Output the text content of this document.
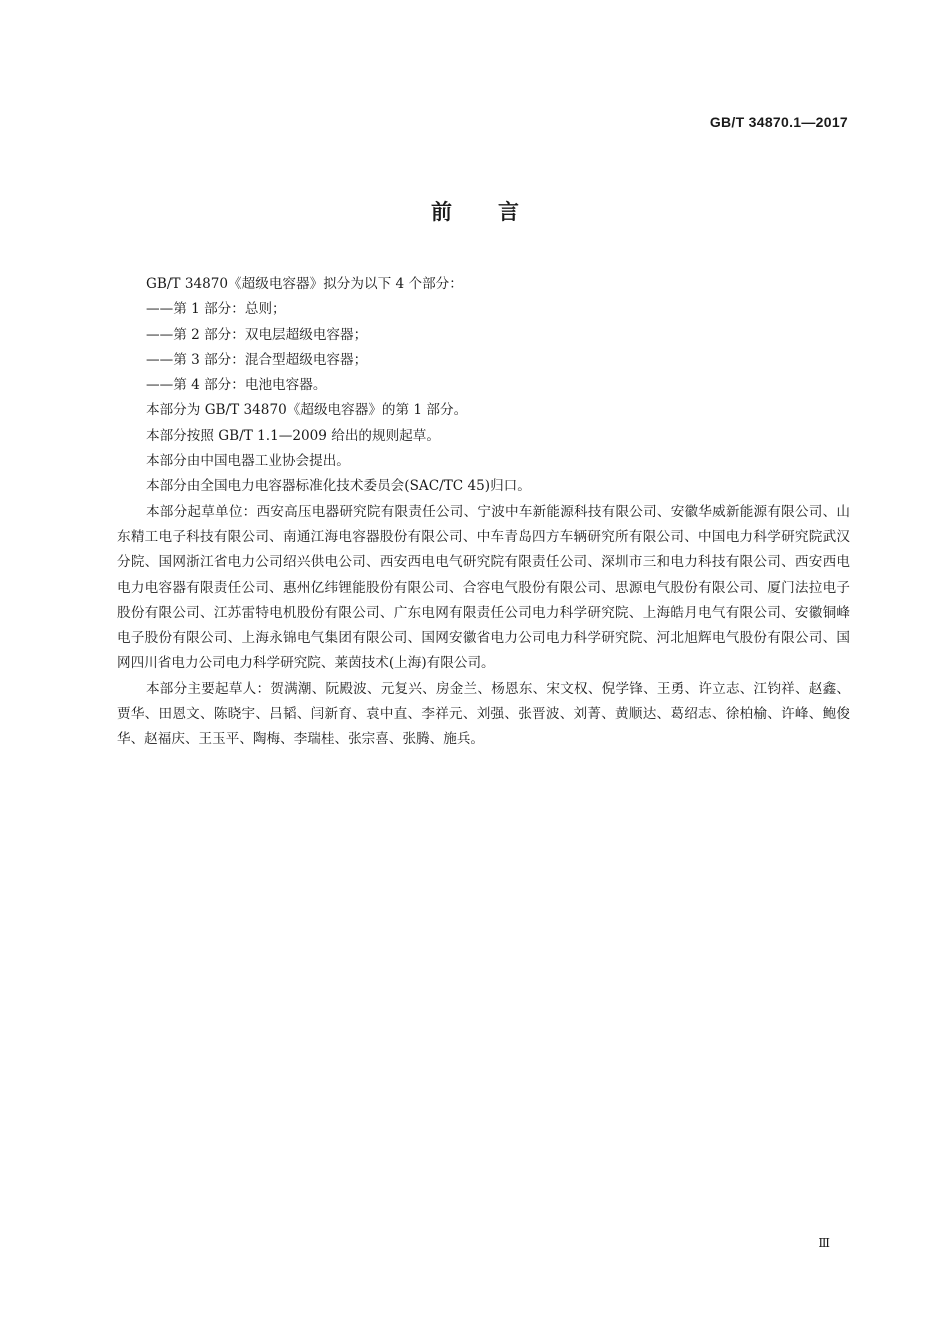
GB/T 34870.1—2017
前言

GB/T 34870《超级电容器》拟分为以下 4 个部分：

——第 1 部分：总则；

——第 2 部分：双电层超级电容器；

——第 3 部分：混合型超级电容器；

——第 4 部分：电池电容器。

本部分为 GB/T 34870《超级电容器》的第 1 部分。

本部分按照 GB/T 1.1—2009 给出的规则起草。

本部分由中国电器工业协会提出。

本部分由全国电力电容器标准化技术委员会(SAC/TC 45)归口。

本部分起草单位：西安高压电器研究院有限责任公司、宁波中车新能源科技有限公司、安徽华威新能源有限公司、山东精工电子科技有限公司、南通江海电容器股份有限公司、中车青岛四方车辆研究所有限公司、中国电力科学研究院武汉分院、国网浙江省电力公司绍兴供电公司、西安西电电气研究院有限责任公司、深圳市三和电力科技有限公司、西安西电电力电容器有限责任公司、惠州亿纬锂能股份有限公司、合容电气股份有限公司、思源电气股份有限公司、厦门法拉电子股份有限公司、江苏雷特电机股份有限公司、广东电网有限责任公司电力科学研究院、上海皓月电气有限公司、安徽铜峰电子股份有限公司、上海永锦电气集团有限公司、国网安徽省电力公司电力科学研究院、河北旭辉电气股份有限公司、国网四川省电力公司电力科学研究院、莱茵技术(上海)有限公司。

本部分主要起草人：贺满潮、阮殿波、元复兴、房金兰、杨恩东、宋文权、倪学锋、王勇、许立志、江钧祥、赵鑫、贾华、田恩文、陈晓宇、吕韬、闫新育、袁中直、李祥元、刘强、张晋波、刘菁、黄顺达、葛绍志、徐柏榆、许峰、鲍俊华、赵福庆、王玉平、陶梅、李瑞桂、张宗喜、张腾、施兵。

Ⅲ
